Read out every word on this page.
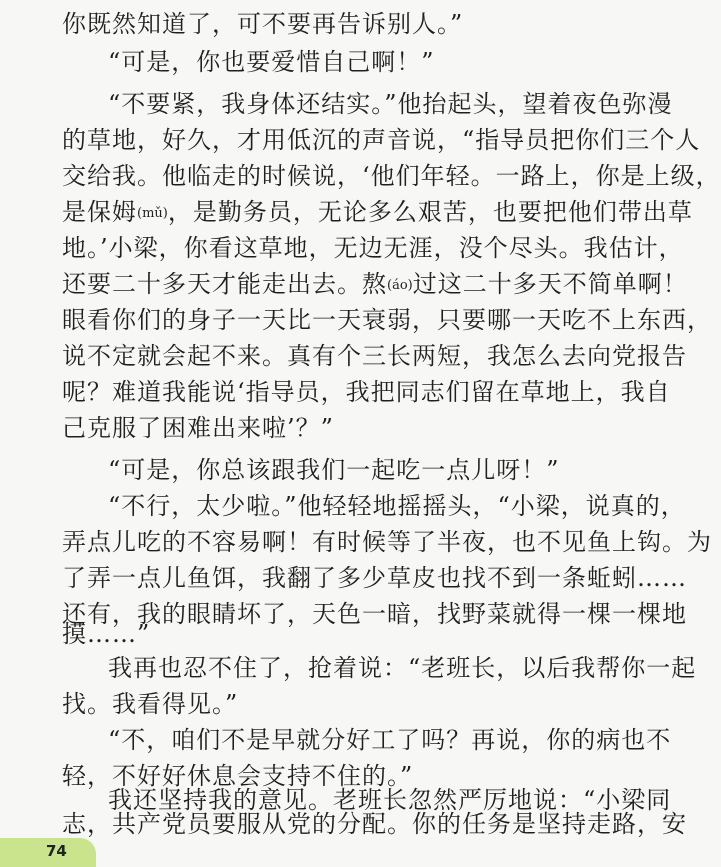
你既然知道了，可不要再告诉别人。”
“可是，你也要爱惜自己啊！”
“不要紧，我身体还结实。”他抬起头，望着夜色弥漫
的草地，好久，才用低沉的声音说，“指导员把你们三个人
交给我。他临走的时候说，‘他们年轻。一路上，你是上级，
是保姆(mǔ)，是勤务员，无论多么艰苦，也要把他们带出草
地。’小梁，你看这草地，无边无涯，没个尽头。我估计，
还要二十多天才能走出去。熬(áo)过这二十多天不简单啊！
眼看你们的身子一天比一天衰弱，只要哪一天吃不上东西，
说不定就会起不来。真有个三长两短，我怎么去向党报告
呢？难道我能说‘指导员，我把同志们留在草地上，我自
己克服了困难出来啦’？”
“可是，你总该跟我们一起吃一点儿呀！”
“不行，太少啦。”他轻轻地摇摇头，“小梁，说真的，
弄点儿吃的不容易啊！有时候等了半夜，也不见鱼上钩。为
了弄一点儿鱼饵，我翻了多少草皮也找不到一条蚯蚓……
还有，我的眼睛坏了，天色一暗，找野菜就得一棵一棵地
摸……”
我再也忍不住了，抢着说：“老班长，以后我帮你一起
找。我看得见。”
“不，咱们不是早就分好工了吗？再说，你的病也不
轻，不好好休息会支持不住的。”
我还坚持我的意见。老班长忽然严厉地说：“小梁同
志，共产党员要服从党的分配。你的任务是坚持走路，安
74
